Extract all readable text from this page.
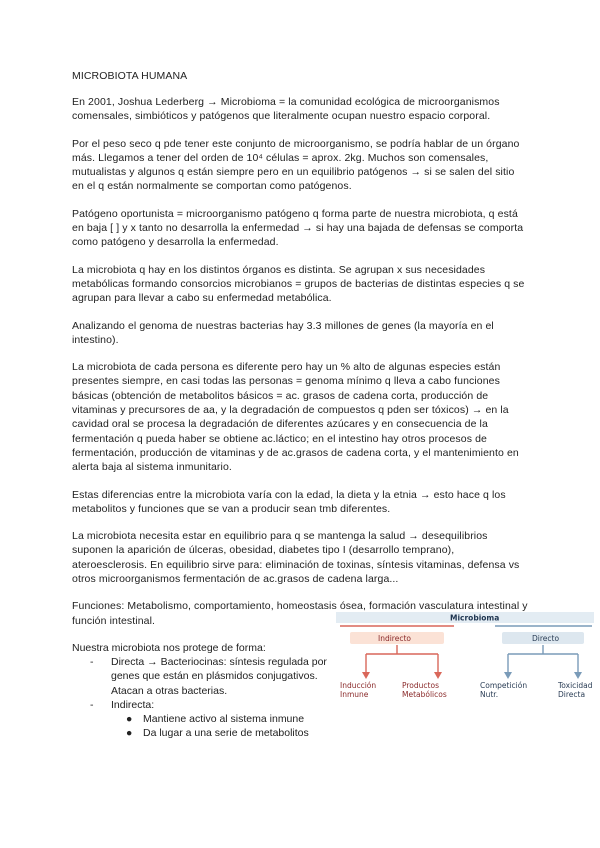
MICROBIOTA HUMANA

En 2001, Joshua Lederberg → Microbioma = la comunidad ecológica de microorganismos comensales, simbióticos y patógenos que literalmente ocupan nuestro espacio corporal.

Por el peso seco q pde tener este conjunto de microorganismo, se podría hablar de un órgano más. Llegamos a tener del orden de 10⁴ células = aprox. 2kg. Muchos son comensales, mutualistas y algunos q están siempre pero en un equilibrio patógenos → si se salen del sitio en el q están normalmente se comportan como patógenos.

Patógeno oportunista = microorganismo patógeno q forma parte de nuestra microbiota, q está en baja [ ] y x tanto no desarrolla la enfermedad → si hay una bajada de defensas se comporta como patógeno y desarrolla la enfermedad.

La microbiota q hay en los distintos órganos es distinta. Se agrupan x sus necesidades metabólicas formando consorcios microbianos = grupos de bacterias de distintas especies q se agrupan para llevar a cabo su enfermedad metabólica.

Analizando el genoma de nuestras bacterias hay 3.3 millones de genes (la mayoría en el intestino).

La microbiota de cada persona es diferente pero hay un % alto de algunas especies están presentes siempre, en casi todas las personas = genoma mínimo q lleva a cabo funciones básicas (obtención de metabolitos básicos = ac. grasos de cadena corta, producción de vitaminas y precursores de aa, y la degradación de compuestos q pden ser tóxicos) → en la cavidad oral se procesa la degradación de diferentes azúcares y en consecuencia de la fermentación q pueda haber se obtiene ac.láctico; en el intestino hay otros procesos de fermentación, producción de vitaminas y de ac.grasos de cadena corta, y el mantenimiento en alerta baja al sistema inmunitario.

Estas diferencias entre la microbiota varía con la edad, la dieta y la etnia → esto hace q los metabolitos y funciones que se van a producir sean tmb diferentes.

La microbiota necesita estar en equilibrio para q se mantenga la salud → desequilibrios suponen la aparición de úlceras, obesidad, diabetes tipo I (desarrollo temprano), ateroesclerosis. En equilibrio sirve para: eliminación de toxinas, síntesis vitaminas, defensa vs otros microorganismos fermentación de ac.grasos de cadena larga...

Funciones: Metabolismo, comportamiento, homeostasis ósea, formación vasculatura intestinal y función intestinal.

Nuestra microbiota nos protege de forma:

- Directa → Bacteriocinas: síntesis regulada por genes que están en plásmidos conjugativos. Atacan a otras bacterias.
- Indirecta:
● Mantiene activo al sistema inmune
● Da lugar a una serie de metabolitos
Microbioma
Indirecto
Inducción
Inmune
Productos
Metabólicos
Directo
Competición
Nutr.
Toxicidad
Directa
